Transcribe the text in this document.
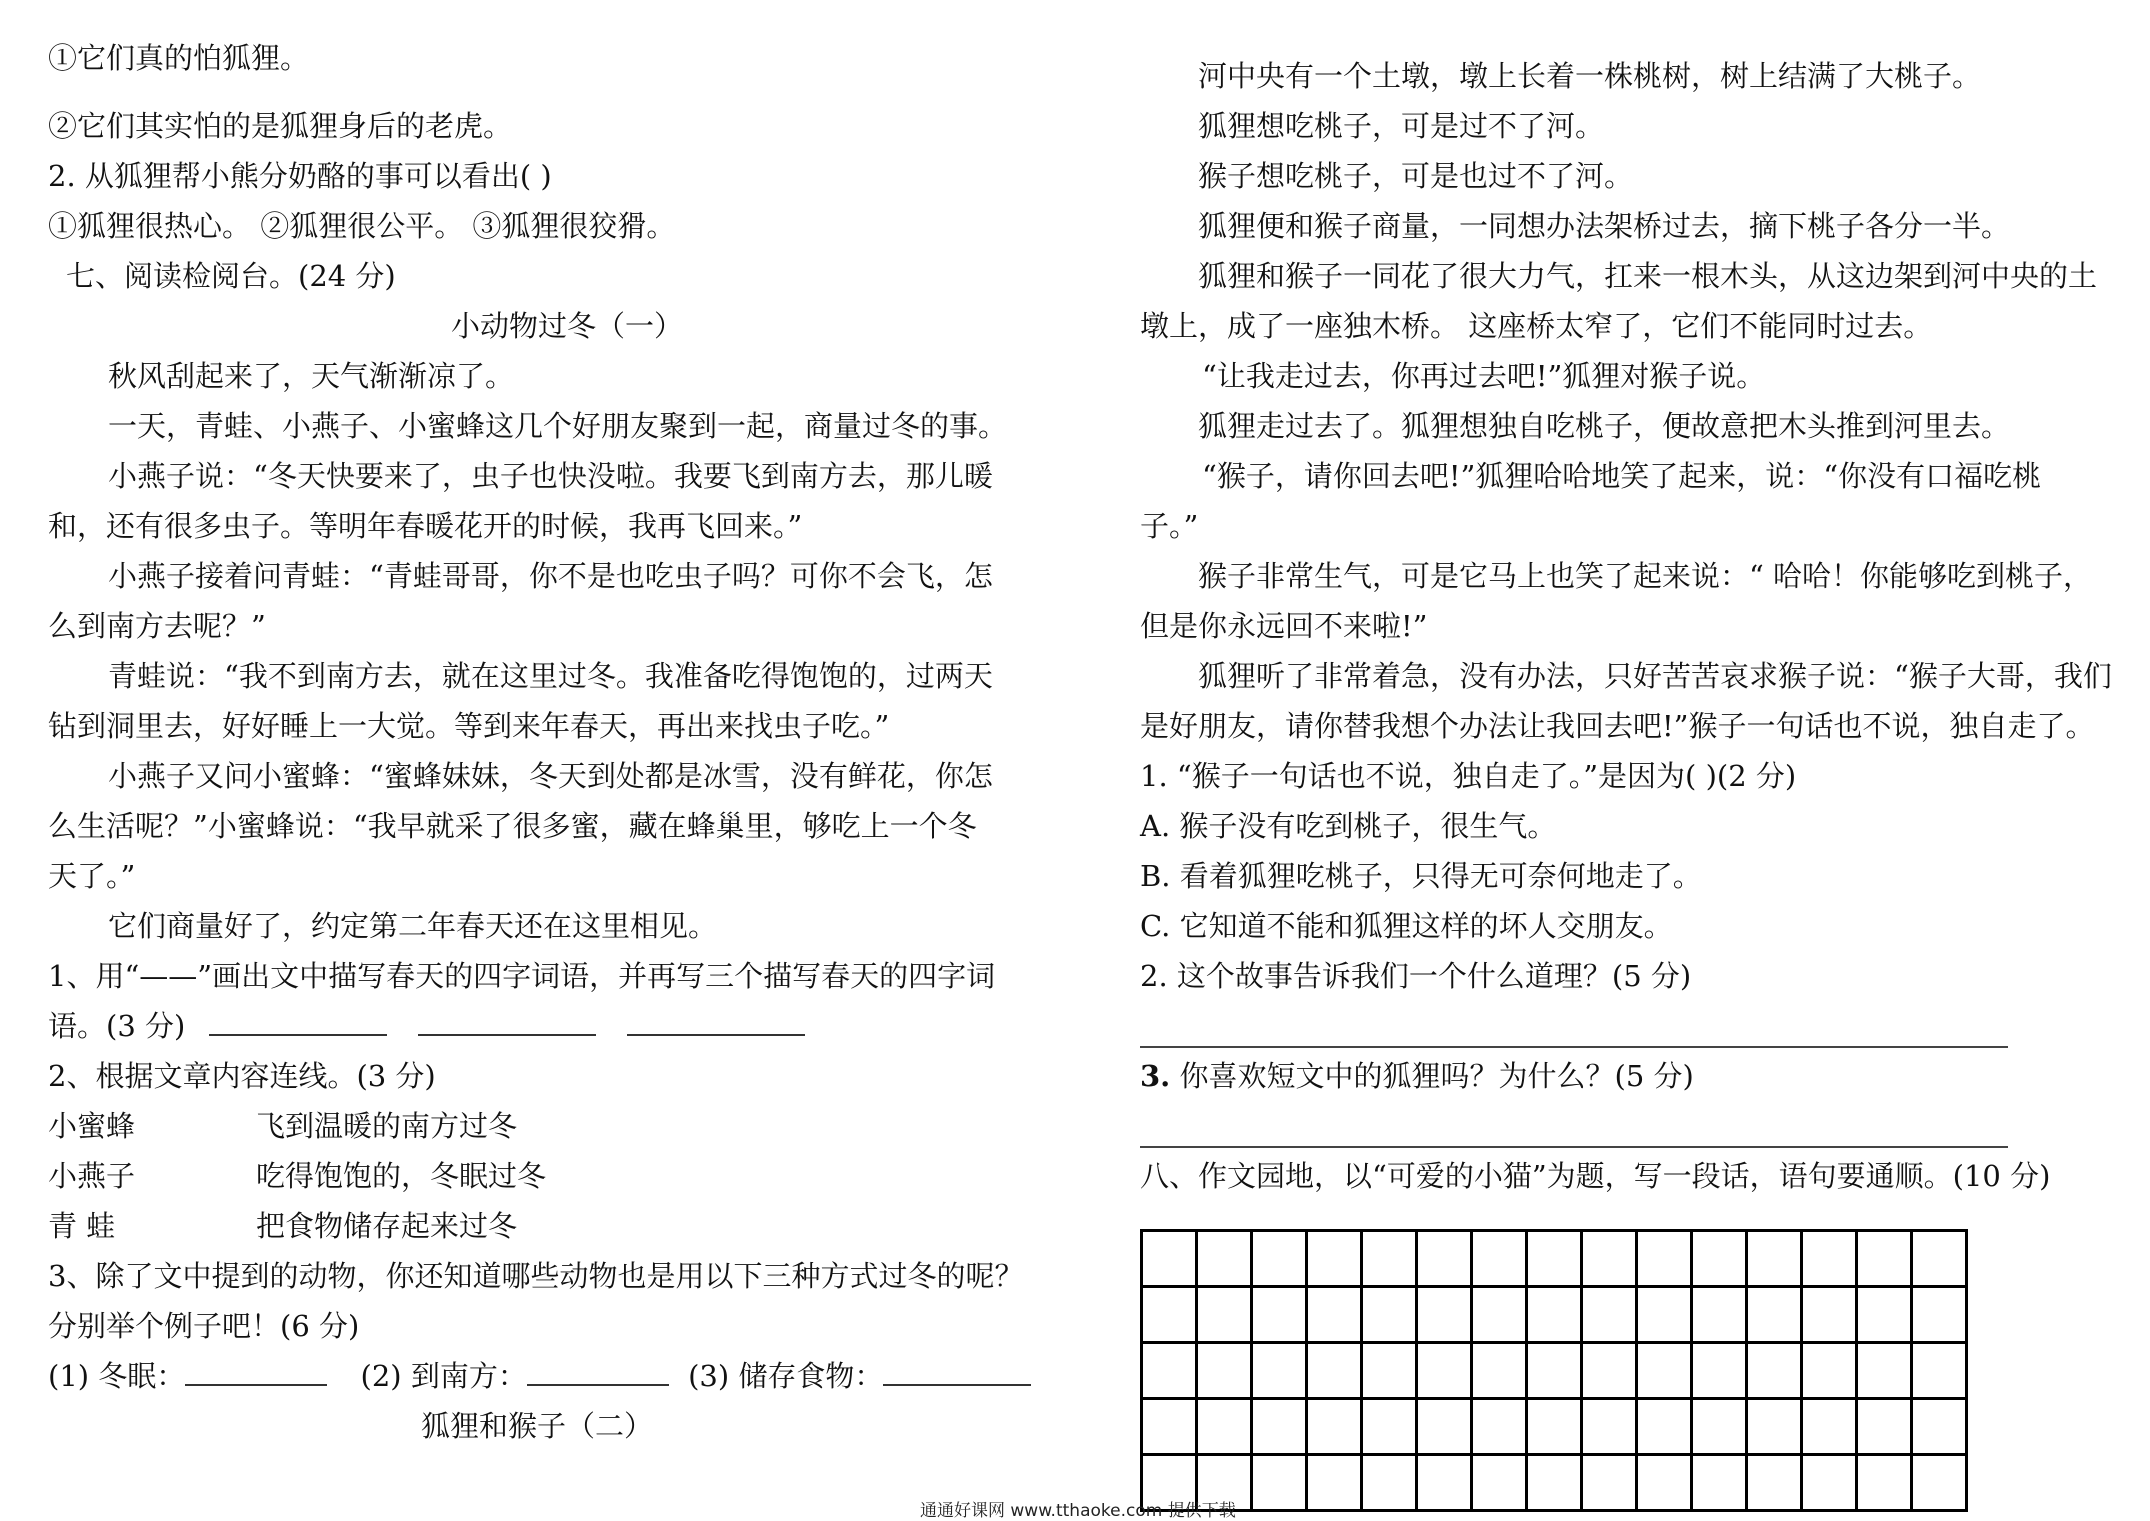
①它们真的怕狐狸。
②它们其实怕的是狐狸身后的老虎。
2. 从狐狸帮小熊分奶酪的事可以看出( )
①狐狸很热心。 ②狐狸很公平。 ③狐狸很狡猾。
七、阅读检阅台。(24 分)
小动物过冬（一）
秋风刮起来了，天气渐渐凉了。
一天，青蛙、小燕子、小蜜蜂这几个好朋友聚到一起，商量过冬的事。
小燕子说：“冬天快要来了，虫子也快没啦。我要飞到南方去，那儿暖
和，还有很多虫子。等明年春暖花开的时候，我再飞回来。”
小燕子接着问青蛙：“青蛙哥哥，你不是也吃虫子吗？可你不会飞，怎
么到南方去呢？”
青蛙说：“我不到南方去，就在这里过冬。我准备吃得饱饱的，过两天
钻到洞里去，好好睡上一大觉。等到来年春天，再出来找虫子吃。”
小燕子又问小蜜蜂：“蜜蜂妹妹，冬天到处都是冰雪，没有鲜花，你怎
么生活呢？”小蜜蜂说：“我早就采了很多蜜，藏在蜂巢里，够吃上一个冬
天了。”
它们商量好了，约定第二年春天还在这里相见。
1、用“——”画出文中描写春天的四字词语，并再写三个描写春天的四字词
语。(3 分)
2、根据文章内容连线。(3 分)
小蜜蜂	飞到温暖的南方过冬
小燕子	吃得饱饱的，冬眠过冬
青 蛙	把食物储存起来过冬
3、除了文中提到的动物，你还知道哪些动物也是用以下三种方式过冬的呢？
分别举个例子吧！(6 分)
(1) 冬眠：	(2) 到南方：	(3) 储存食物：
狐狸和猴子（二）
河中央有一个土墩，墩上长着一株桃树，树上结满了大桃子。
狐狸想吃桃子，可是过不了河。
猴子想吃桃子，可是也过不了河。
狐狸便和猴子商量，一同想办法架桥过去，摘下桃子各分一半。
狐狸和猴子一同花了很大力气，扛来一根木头，从这边架到河中央的土
墩上，成了一座独木桥。 这座桥太窄了，它们不能同时过去。
“让我走过去，你再过去吧!”狐狸对猴子说。
狐狸走过去了。狐狸想独自吃桃子，便故意把木头推到河里去。
“猴子，请你回去吧!”狐狸哈哈地笑了起来，说：“你没有口福吃桃
子。”
猴子非常生气，可是它马上也笑了起来说：“ 哈哈！你能够吃到桃子，
但是你永远回不来啦!”
狐狸听了非常着急，没有办法，只好苦苦哀求猴子说：“猴子大哥，我们
是好朋友，请你替我想个办法让我回去吧!”猴子一句话也不说，独自走了。
1. “猴子一句话也不说，独自走了。”是因为( )(2 分)
A. 猴子没有吃到桃子，很生气。
B. 看着狐狸吃桃子，只得无可奈何地走了。
C. 它知道不能和狐狸这样的坏人交朋友。
2. 这个故事告诉我们一个什么道理？(5 分)
3. 你喜欢短文中的狐狸吗？为什么？(5 分)
八、作文园地，以“可爱的小猫”为题，写一段话，语句要通顺。(10 分)

通通好课网 www.tthaoke.com 提供下载
